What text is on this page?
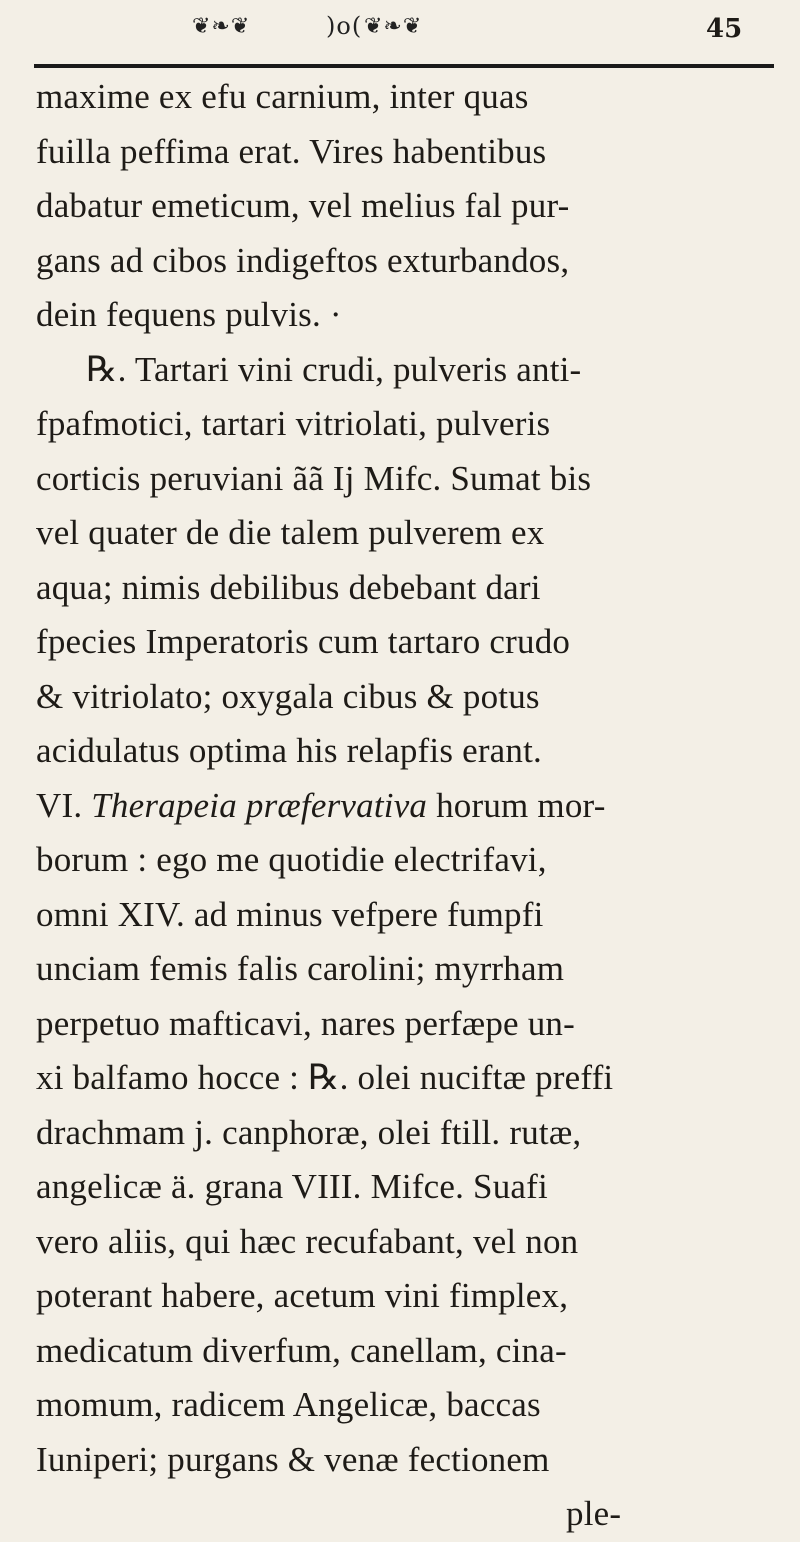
❦❧❦	)o( ❦❧❦	45
maxime ex efu carnium, inter quas
fuilla peffima erat. Vires habentibus
dabatur emeticum, vel melius fal pur-
gans ad cibos indigeftos exturbandos,
dein fequens pulvis. ·
℞. Tartari vini crudi, pulveris anti-
fpafmotici, tartari vitriolati, pulveris
corticis peruviani ãã Ij Mifc. Sumat bis
vel quater de die talem pulverem ex
aqua; nimis debilibus debebant dari
fpecies Imperatoris cum tartaro crudo
& vitriolato; oxygala cibus & potus
acidulatus optima his relapfis erant.
VI. Therapeia præfervativa horum mor-
borum : ego me quotidie electrifavi,
omni XIV. ad minus vefpere fumpfi
unciam femis falis carolini; myrrham
perpetuo mafticavi, nares perfæpe un-
xi balfamo hocce : ℞. olei nuciftæ preffi
drachmam j. canphoræ, olei ftill. rutæ,
angelicæ ä. grana VIII. Mifce. Suafi
vero aliis, qui hæc recufabant, vel non
poterant habere, acetum vini fimplex,
medicatum diverfum, canellam, cina-
momum, radicem Angelicæ, baccas
Iuniperi; purgans & venæ fectionem
ple-
